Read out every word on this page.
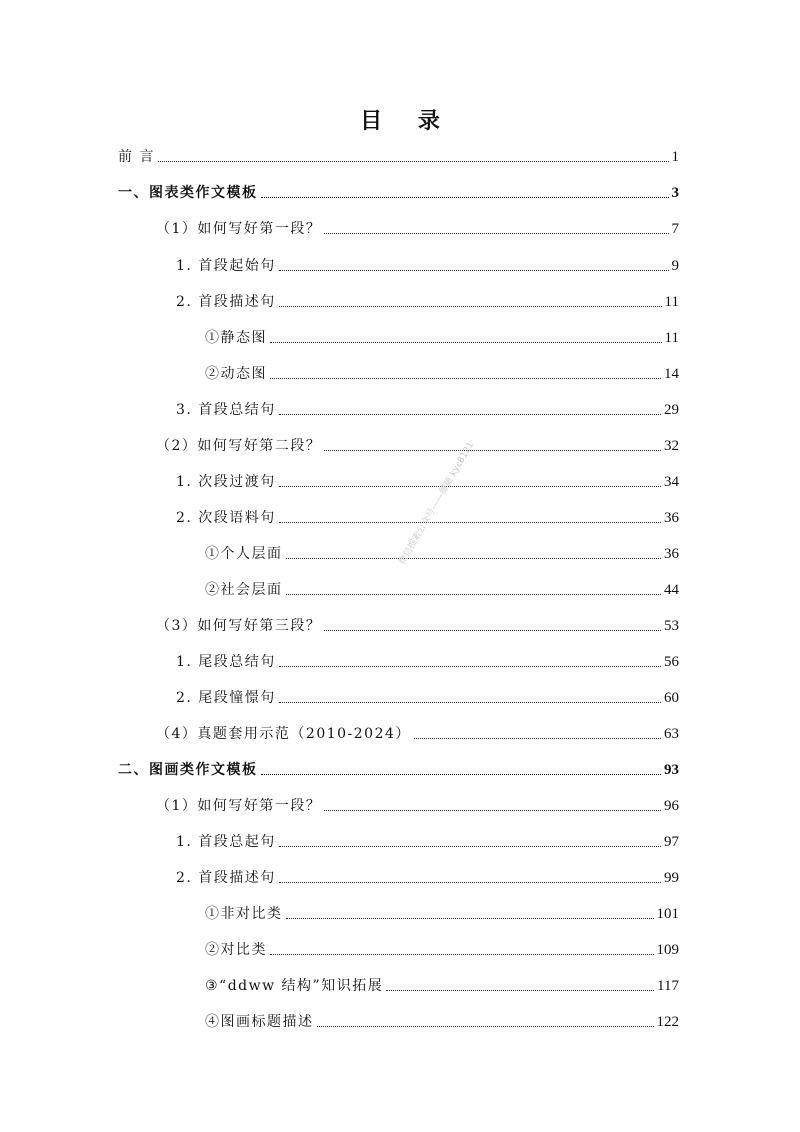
目 录
前 言	1
一、图表类作文模板	3
（1）如何写好第一段？	7
1. 首段起始句	9
2. 首段描述句	11
①静态图	11
②动态图	14
3. 首段总结句	29
（2）如何写好第二段？	32
1. 次段过渡句	34
2. 次段语料句	36
①个人层面	36
②社会层面	44
（3）如何写好第三段？	53
1. 尾段总结句	56
2. 尾段憧憬句	60
（4）真题套用示范（2010-2024）	63
二、图画类作文模板	93
（1）如何写好第一段？	96
1. 首段总起句	97
2. 首段描述句	99
①非对比类	101
②对比类	109
③“ddww 结构”知识拓展	117
④图画标题描述	122
微信搜索公众号——薇薇 kyc8121
